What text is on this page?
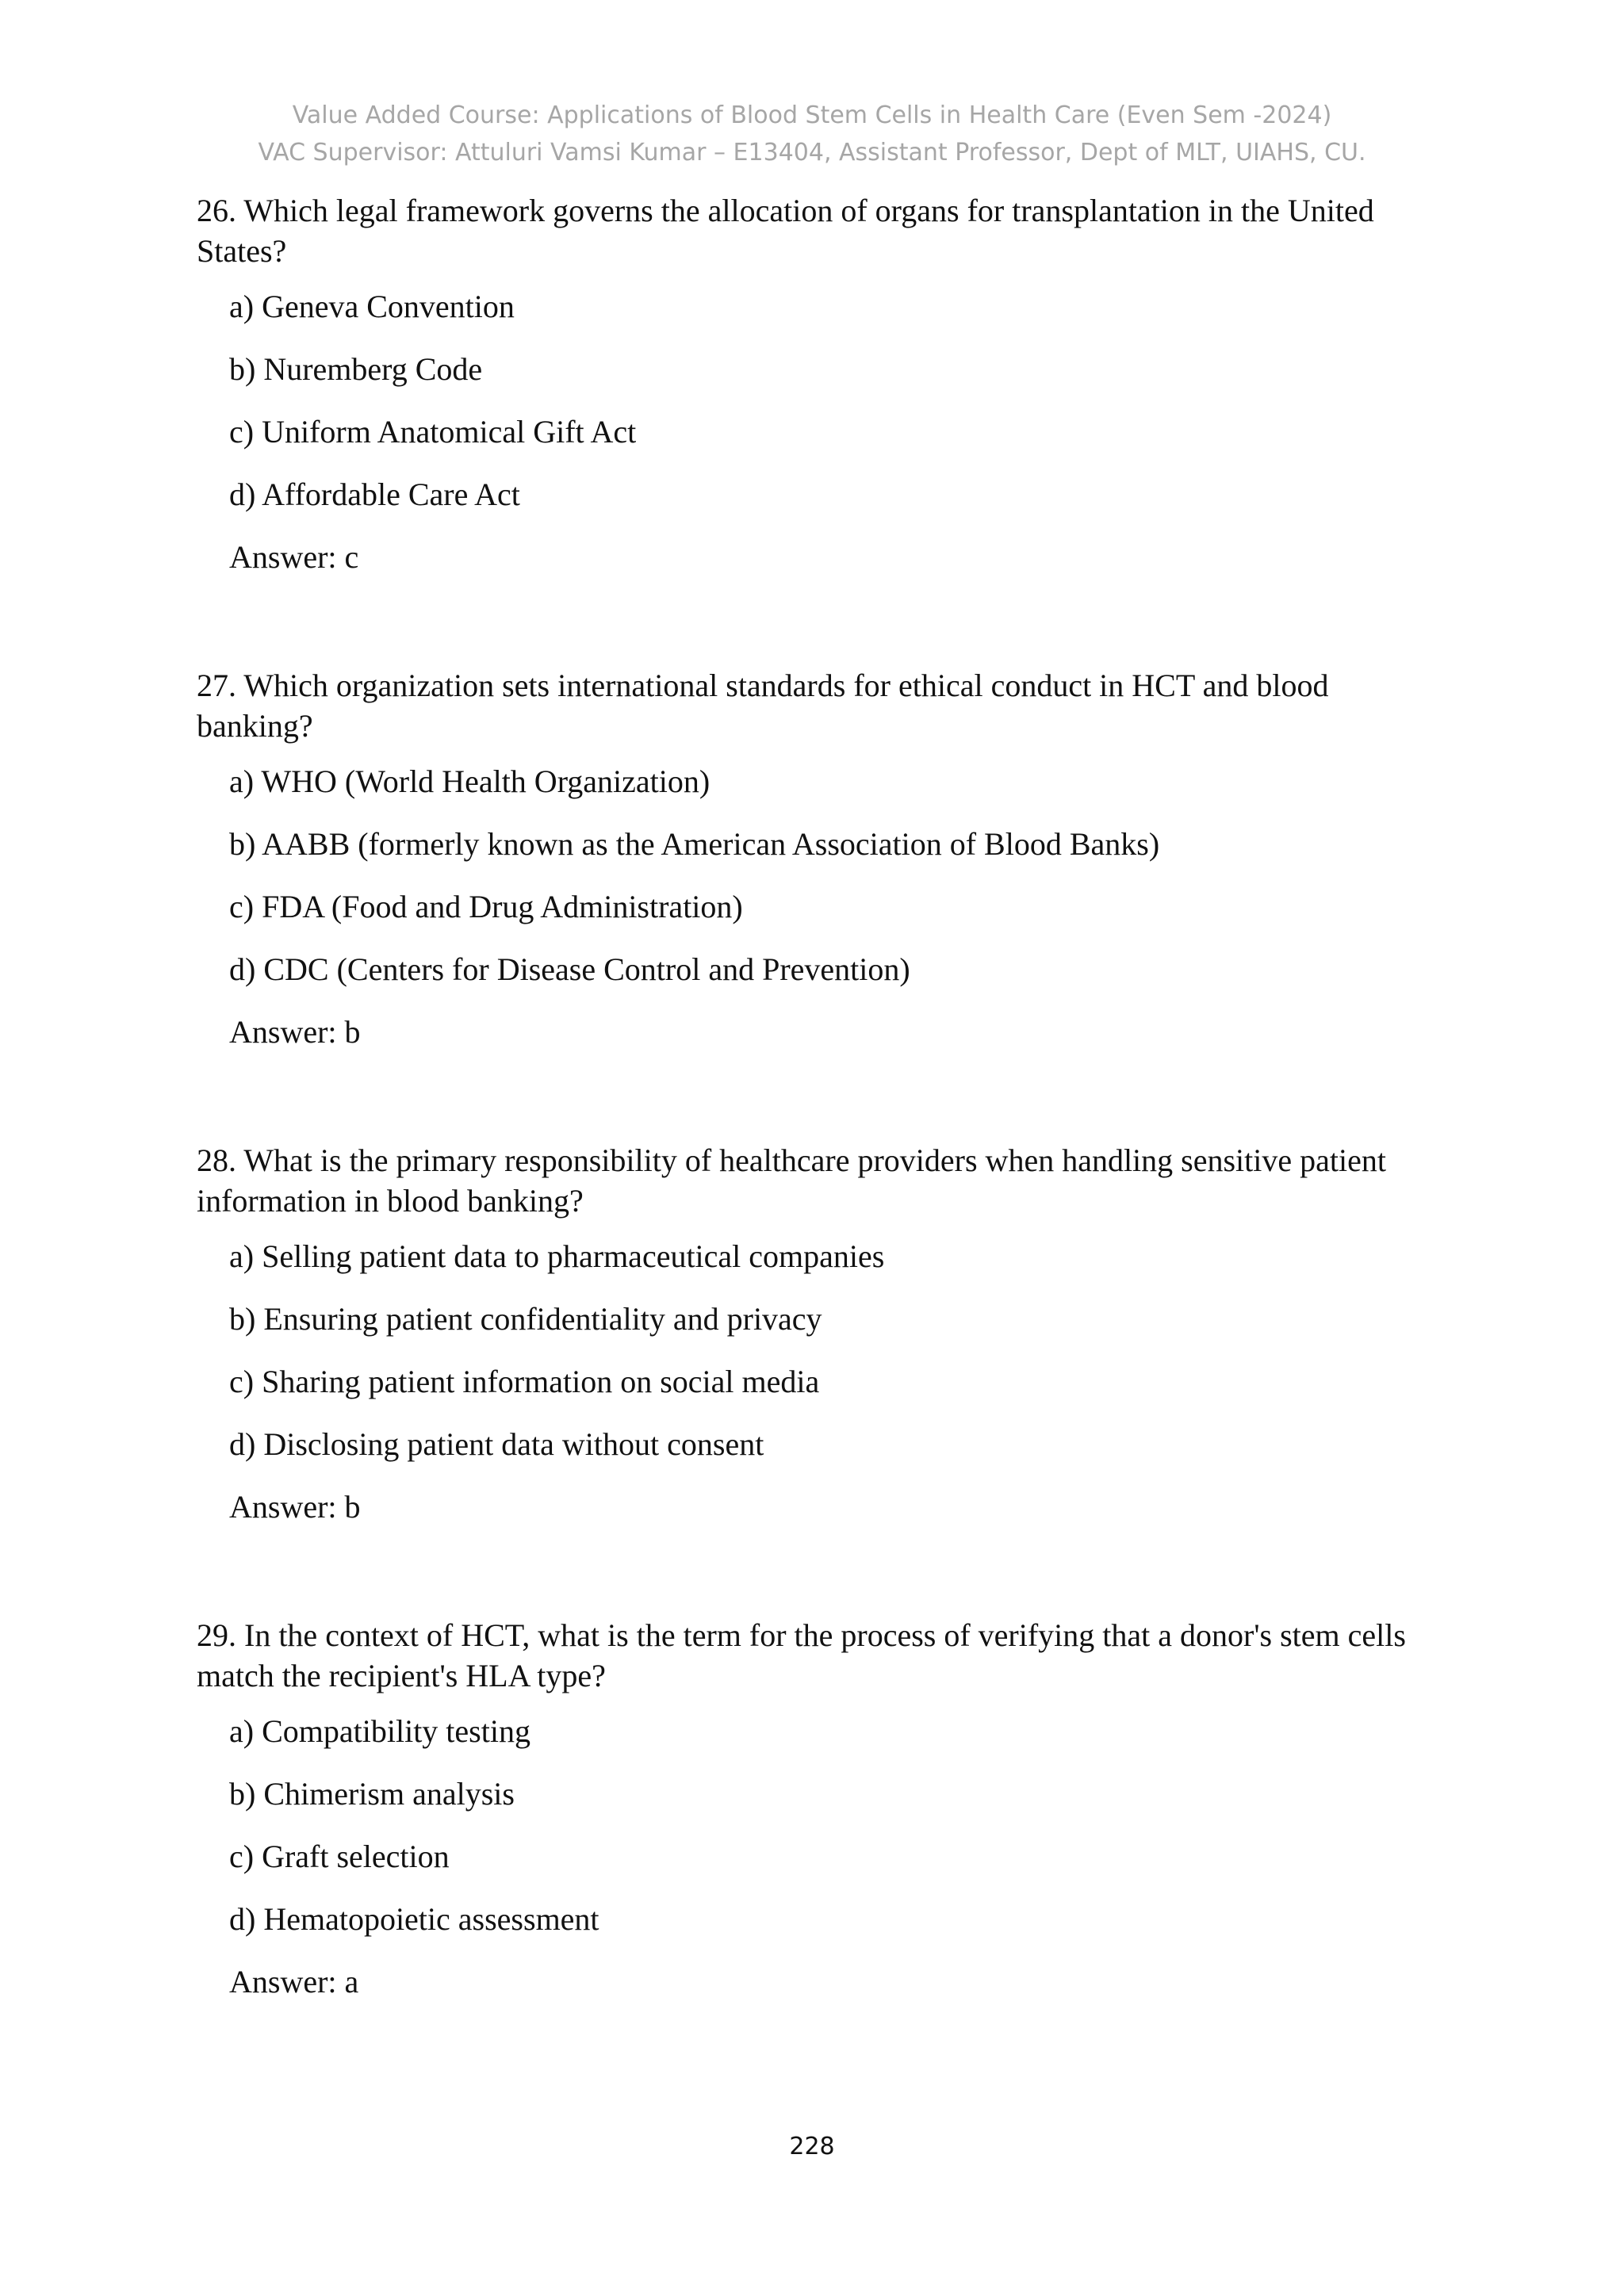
Value Added Course: Applications of Blood Stem Cells in Health Care (Even Sem -2024)
VAC Supervisor: Attuluri Vamsi Kumar – E13404, Assistant Professor, Dept of MLT, UIAHS, CU.
26. Which legal framework governs the allocation of organs for transplantation in the United States?
a) Geneva Convention
b) Nuremberg Code
c) Uniform Anatomical Gift Act
d) Affordable Care Act
Answer: c
27. Which organization sets international standards for ethical conduct in HCT and blood banking?
a) WHO (World Health Organization)
b) AABB (formerly known as the American Association of Blood Banks)
c) FDA (Food and Drug Administration)
d) CDC (Centers for Disease Control and Prevention)
Answer: b
28. What is the primary responsibility of healthcare providers when handling sensitive patient information in blood banking?
a) Selling patient data to pharmaceutical companies
b) Ensuring patient confidentiality and privacy
c) Sharing patient information on social media
d) Disclosing patient data without consent
Answer: b
29. In the context of HCT, what is the term for the process of verifying that a donor's stem cells match the recipient's HLA type?
a) Compatibility testing
b) Chimerism analysis
c) Graft selection
d) Hematopoietic assessment
Answer: a
228
